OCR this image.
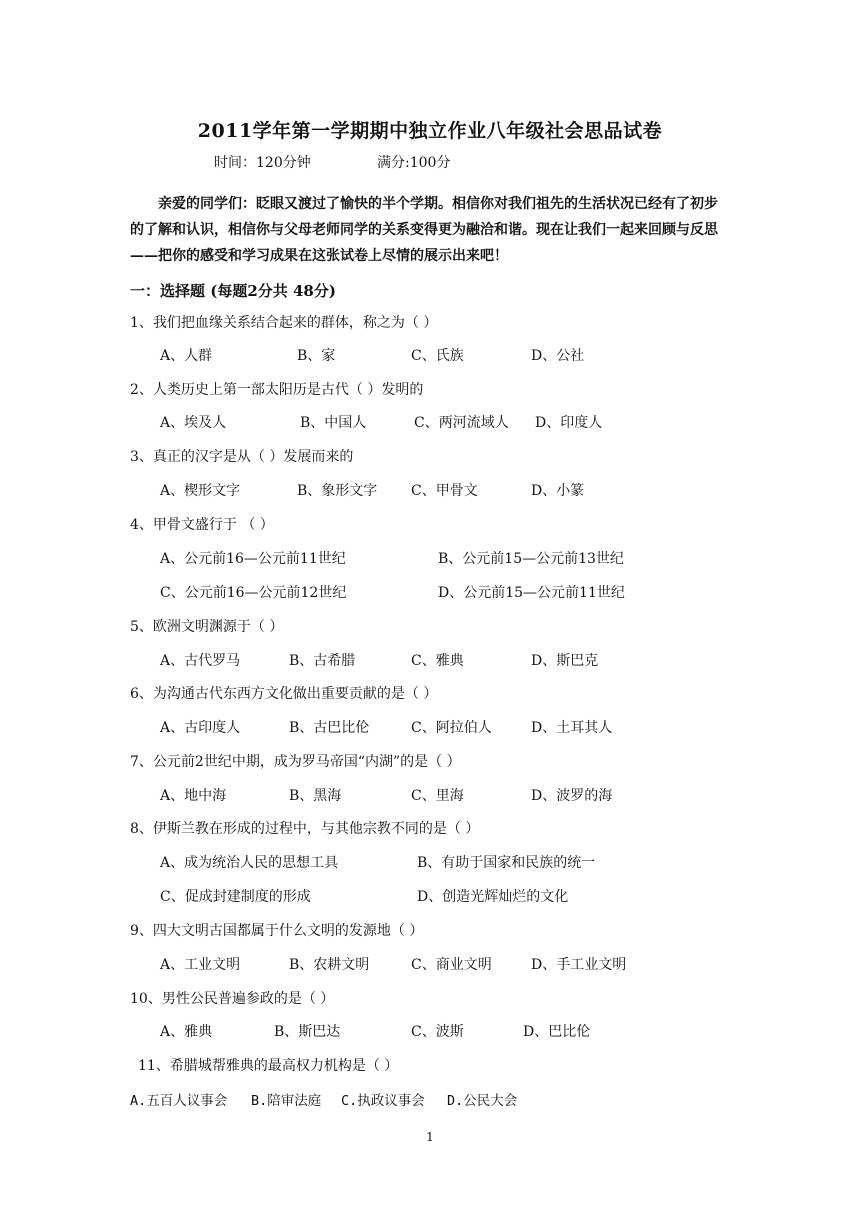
2011学年第一学期期中独立作业八年级社会思品试卷
时间：120分钟	满分:100分
亲爱的同学们：眨眼又渡过了愉快的半个学期。相信你对我们祖先的生活状况已经有了初步的了解和认识，相信你与父母老师同学的关系变得更为融洽和谐。现在让我们一起来回顾与反思——把你的感受和学习成果在这张试卷上尽情的展示出来吧！
一：选择题 (每题2分共 48分)
1、我们把血缘关系结合起来的群体，称之为（ ）
A、人群	B、家	C、氏族	D、公社
2、人类历史上第一部太阳历是古代（ ）发明的
A、埃及人	B、中国人	C、两河流域人 D、印度人
3、真正的汉字是从（ ）发展而来的
A、楔形文字	B、象形文字 C、甲骨文	D、小篆
4、甲骨文盛行于 （ ）
A、公元前16—公元前11世纪	B、公元前15—公元前13世纪
C、公元前16—公元前12世纪	D、公元前15—公元前11世纪
5、欧洲文明渊源于（ ）
A、古代罗马	B、古希腊	C、雅典	D、斯巴克
6、为沟通古代东西方文化做出重要贡献的是（ ）
A、古印度人	B、古巴比伦	C、阿拉伯人	D、土耳其人
7、公元前2世纪中期，成为罗马帝国“内湖”的是（ ）
A、地中海	B、黑海	C、里海	D、波罗的海
8、伊斯兰教在形成的过程中，与其他宗教不同的是（ ）
A、成为统治人民的思想工具	B、有助于国家和民族的统一
C、促成封建制度的形成	D、创造光辉灿烂的文化
9、四大文明古国都属于什么文明的发源地（ ）
A、工业文明	B、农耕文明	C、商业文明	D、手工业文明
10、男性公民普遍参政的是（ ）
A、雅典	B、斯巴达	C、波斯	D、巴比伦
11、希腊城帮雅典的最高权力机构是（ ）
A.五百人议事会 B.陪审法庭 C.执政议事会 D.公民大会
1
